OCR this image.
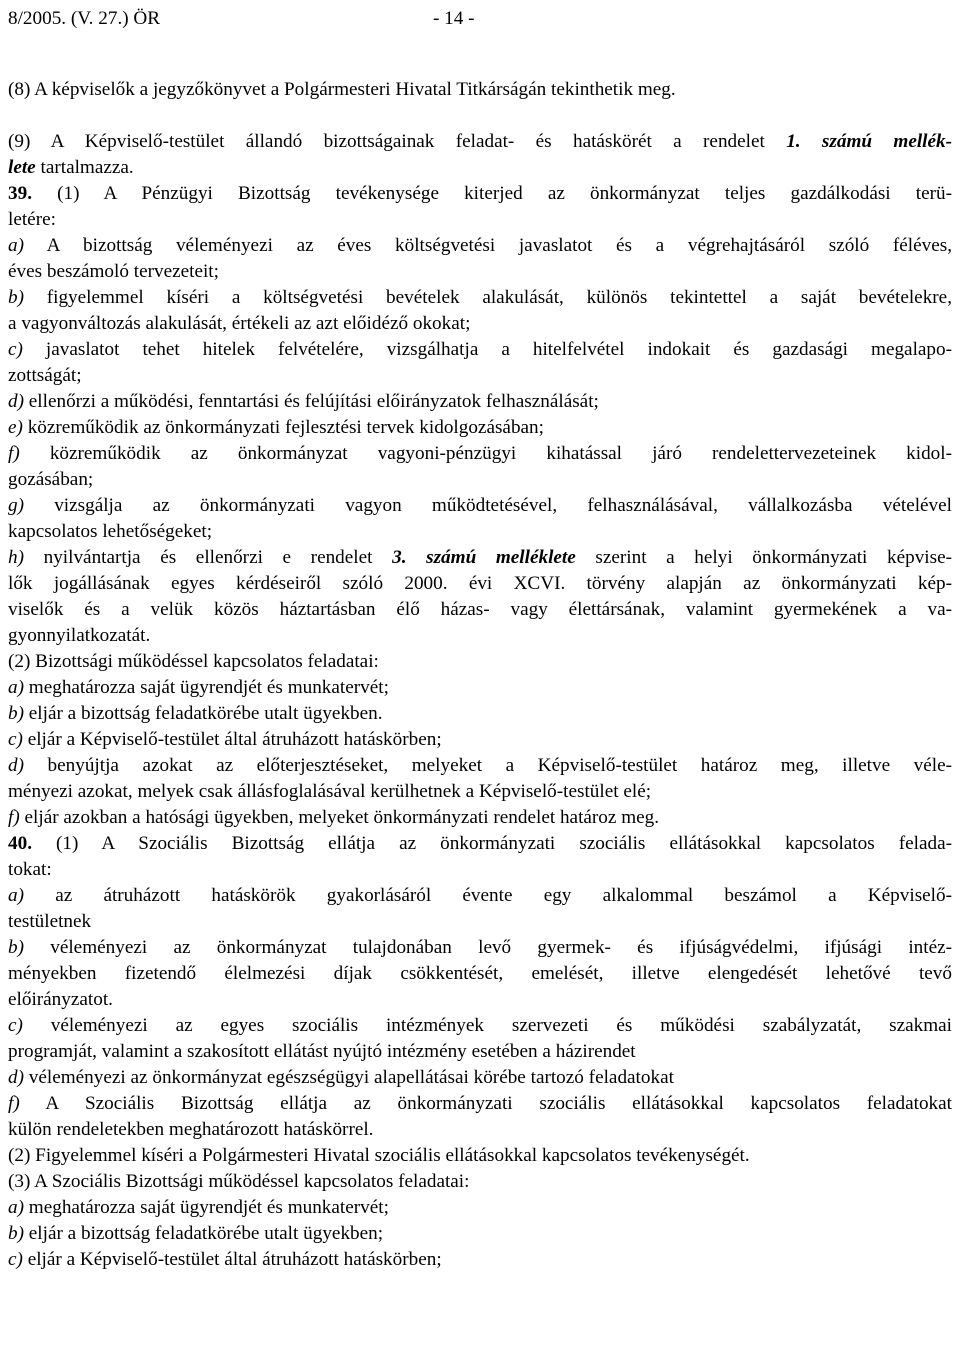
8/2005. (V. 27.) ÖR	- 14 -
(8) A képviselők a jegyzőkönyvet a Polgármesteri Hivatal Titkárságán tekinthetik meg.
(9) A Képviselő-testület állandó bizottságainak feladat- és hatáskörét a rendelet 1. számú mellék-
lete tartalmazza.
39. (1) A Pénzügyi Bizottság tevékenysége kiterjed az önkormányzat teljes gazdálkodási terü-
letére:
a) A bizottság véleményezi az éves költségvetési javaslatot és a végrehajtásáról szóló féléves,
éves beszámoló tervezeteit;
b) figyelemmel kíséri a költségvetési bevételek alakulását, különös tekintettel a saját bevételekre,
a vagyonváltozás alakulását, értékeli az azt előidéző okokat;
c) javaslatot tehet hitelek felvételére, vizsgálhatja a hitelfelvétel indokait és gazdasági megalapo-
zottságát;
d) ellenőrzi a működési, fenntartási és felújítási előirányzatok felhasználását;
e) közreműködik az önkormányzati fejlesztési tervek kidolgozásában;
f) közreműködik az önkormányzat vagyoni-pénzügyi kihatással járó rendelettervezeteinek kidol-
gozásában;
g) vizsgálja az önkormányzati vagyon működtetésével, felhasználásával, vállalkozásba vételével
kapcsolatos lehetőségeket;
h) nyilvántartja és ellenőrzi e rendelet 3. számú melléklete szerint a helyi önkormányzati képvise-
lők jogállásának egyes kérdéseiről szóló 2000. évi XCVI. törvény alapján az önkormányzati kép-
viselők és a velük közös háztartásban élő házas- vagy élettársának, valamint gyermekének a va-
gyonnyilatkozatát.
(2) Bizottsági működéssel kapcsolatos feladatai:
a) meghatározza saját ügyrendjét és munkatervét;
b) eljár a bizottság feladatkörébe utalt ügyekben.
c) eljár a Képviselő-testület által átruházott hatáskörben;
d) benyújtja azokat az előterjesztéseket, melyeket a Képviselő-testület határoz meg, illetve véle-
ményezi azokat, melyek csak állásfoglalásával kerülhetnek a Képviselő-testület elé;
f) eljár azokban a hatósági ügyekben, melyeket önkormányzati rendelet határoz meg.
40. (1) A Szociális Bizottság ellátja az önkormányzati szociális ellátásokkal kapcsolatos felada-
tokat:
a) az átruházott hatáskörök gyakorlásáról évente egy alkalommal beszámol a Képviselő-
testületnek
b) véleményezi az önkormányzat tulajdonában levő gyermek- és ifjúságvédelmi, ifjúsági intéz-
ményekben fizetendő élelmezési díjak csökkentését, emelését, illetve elengedését lehetővé tevő
előirányzatot.
c) véleményezi az egyes szociális intézmények szervezeti és működési szabályzatát, szakmai
programját, valamint a szakosított ellátást nyújtó intézmény esetében a házirendet
d) véleményezi az önkormányzat egészségügyi alapellátásai körébe tartozó feladatokat
f) A Szociális Bizottság ellátja az önkormányzati szociális ellátásokkal kapcsolatos feladatokat
külön rendeletekben meghatározott hatáskörrel.
(2) Figyelemmel kíséri a Polgármesteri Hivatal szociális ellátásokkal kapcsolatos tevékenységét.
(3) A Szociális Bizottsági működéssel kapcsolatos feladatai:
a) meghatározza saját ügyrendjét és munkatervét;
b) eljár a bizottság feladatkörébe utalt ügyekben;
c) eljár a Képviselő-testület által átruházott hatáskörben;
